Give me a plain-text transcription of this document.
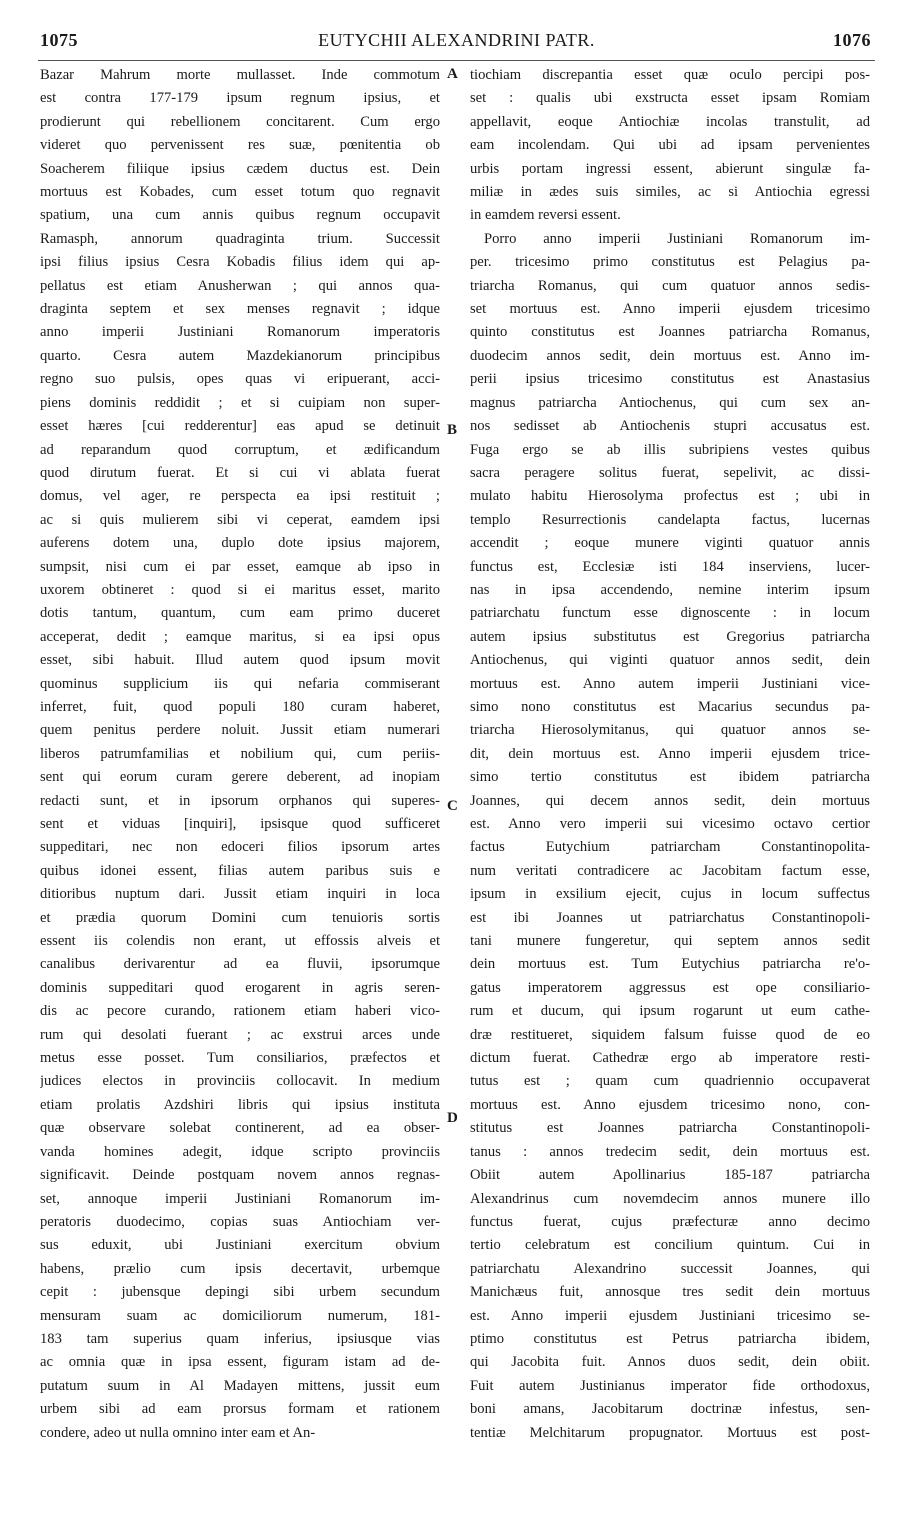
1075	EUTYCHII ALEXANDRINI PATR.	1076
Bazar Mahrum morte mullasset. Inde commotum
est contra 177-179 ipsum regnum ipsius, et
prodierunt qui rebellionem concitarent. Cum ergo
videret quo pervenissent res suæ, pœnitentia ob
Soacherem filiique ipsius cædem ductus est. Dein
mortuus est Kobades, cum esset totum quo regnavit
spatium, una cum annis quibus regnum occupavit
Ramasph, annorum quadraginta trium. Successit
ipsi filius ipsius Cesra Kobadis filius idem qui ap-
pellatus est etiam Anusherwan ; qui annos qua-
draginta septem et sex menses regnavit ; idque
anno imperii Justiniani Romanorum imperatoris
quarto. Cesra autem Mazdekianorum principibus
regno suo pulsis, opes quas vi eripuerant, acci-
piens dominis reddidit ; et si cuipiam non super-
esset hæres [cui redderentur] eas apud se detinuit
ad reparandum quod corruptum, et ædificandum
quod dirutum fuerat. Et si cui vi ablata fuerat
domus, vel ager, re perspecta ea ipsi restituit ;
ac si quis mulierem sibi vi ceperat, eamdem ipsi
auferens dotem una, duplo dote ipsius majorem,
sumpsit, nisi cum ei par esset, eamque ab ipso in
uxorem obtineret : quod si ei maritus esset, marito
dotis tantum, quantum, cum eam primo duceret
acceperat, dedit ; eamque maritus, si ea ipsi opus
esset, sibi habuit. Illud autem quod ipsum movit
quominus supplicium iis qui nefaria commiserant
inferret, fuit, quod populi 180 curam haberet,
quem penitus perdere noluit. Jussit etiam numerari
liberos patrumfamilias et nobilium qui, cum periis-
sent qui eorum curam gerere deberent, ad inopiam
redacti sunt, et in ipsorum orphanos qui superes-
sent et viduas [inquiri], ipsisque quod sufficeret
suppeditari, nec non edoceri filios ipsorum artes
quibus idonei essent, filias autem paribus suis e
ditioribus nuptum dari. Jussit etiam inquiri in loca
et prædia quorum Domini cum tenuioris sortis
essent iis colendis non erant, ut effossis alveis et
canalibus derivarentur ad ea fluvii, ipsorumque
dominis suppeditari quod erogarent in agris seren-
dis ac pecore curando, rationem etiam haberi vico-
rum qui desolati fuerant ; ac exstrui arces unde
metus esse posset. Tum consiliarios, præfectos et
judices electos in provinciis collocavit. In medium
etiam prolatis Azdshiri libris qui ipsius instituta
quæ observare solebat continerent, ad ea obser-
vanda homines adegit, idque scripto provinciis
significavit. Deinde postquam novem annos regnas-
set, annoque imperii Justiniani Romanorum im-
peratoris duodecimo, copias suas Antiochiam ver-
sus eduxit, ubi Justiniani exercitum obvium
habens, prælio cum ipsis decertavit, urbemque
cepit : jubensque depingi sibi urbem secundum
mensuram suam ac domiciliorum numerum, 181-
183 tam superius quam inferius, ipsiusque vias
ac omnia quæ in ipsa essent, figuram istam ad de-
putatum suum in Al Madayen mittens, jussit eum
urbem sibi ad eam prorsus formam et rationem
condere, adeo ut nulla omnino inter eam et An-
tiochiam discrepantia esset quæ oculo percipi pos-
set : qualis ubi exstructa esset ipsam Romiam
appellavit, eoque Antiochiæ incolas transtulit, ad
eam incolendam. Qui ubi ad ipsam pervenientes
urbis portam ingressi essent, abierunt singulæ fa-
miliæ in ædes suis similes, ac si Antiochia egressi
in eamdem reversi essent.
Porro anno imperii Justiniani Romanorum im-
per. tricesimo primo constitutus est Pelagius pa-
triarcha Romanus, qui cum quatuor annos sedis-
set mortuus est. Anno imperii ejusdem tricesimo
quinto constitutus est Joannes patriarcha Romanus,
duodecim annos sedit, dein mortuus est. Anno im-
perii ipsius tricesimo constitutus est Anastasius
magnus patriarcha Antiochenus, qui cum sex an-
nos sedisset ab Antiochenis stupri accusatus est.
Fuga ergo se ab illis subripiens vestes quibus
sacra peragere solitus fuerat, sepelivit, ac dissi-
mulato habitu Hierosolyma profectus est ; ubi in
templo Resurrectionis candelapta factus, lucernas
accendit ; eoque munere viginti quatuor annis
functus est, Ecclesiæ isti 184 inserviens, lucer-
nas in ipsa accendendo, nemine interim ipsum
patriarchatu functum esse dignoscente : in locum
autem ipsius substitutus est Gregorius patriarcha
Antiochenus, qui viginti quatuor annos sedit, dein
mortuus est. Anno autem imperii Justiniani vice-
simo nono constitutus est Macarius secundus pa-
triarcha Hierosolymitanus, qui quatuor annos se-
dit, dein mortuus est. Anno imperii ejusdem trice-
simo tertio constitutus est ibidem patriarcha
Joannes, qui decem annos sedit, dein mortuus
est. Anno vero imperii sui vicesimo octavo certior
factus Eutychium patriarcham Constantinopolita-
num veritati contradicere ac Jacobitam factum esse,
ipsum in exsilium ejecit, cujus in locum suffectus
est ibi Joannes ut patriarchatus Constantinopoli-
tani munere fungeretur, qui septem annos sedit
dein mortuus est. Tum Eutychius patriarcha re'o-
gatus imperatorem aggressus est ope consiliario-
rum et ducum, qui ipsum rogarunt ut eum cathe-
dræ restitueret, siquidem falsum fuisse quod de eo
dictum fuerat. Cathedræ ergo ab imperatore resti-
tutus est ; quam cum quadriennio occupaverat
mortuus est. Anno ejusdem tricesimo nono, con-
stitutus est Joannes patriarcha Constantinopoli-
tanus : annos tredecim sedit, dein mortuus est.
Obiit autem Apollinarius 185-187 patriarcha
Alexandrinus cum novemdecim annos munere illo
functus fuerat, cujus præfecturæ anno decimo
tertio celebratum est concilium quintum. Cui in
patriarchatu Alexandrino successit Joannes, qui
Manichæus fuit, annosque tres sedit dein mortuus
est. Anno imperii ejusdem Justiniani tricesimo se-
ptimo constitutus est Petrus patriarcha ibidem,
qui Jacobita fuit. Annos duos sedit, dein obiit.
Fuit autem Justinianus imperator fide orthodoxus,
boni amans, Jacobitarum doctrinæ infestus, sen-
tentiæ Melchitarum propugnator. Mortuus est post-
A
B
C
D
